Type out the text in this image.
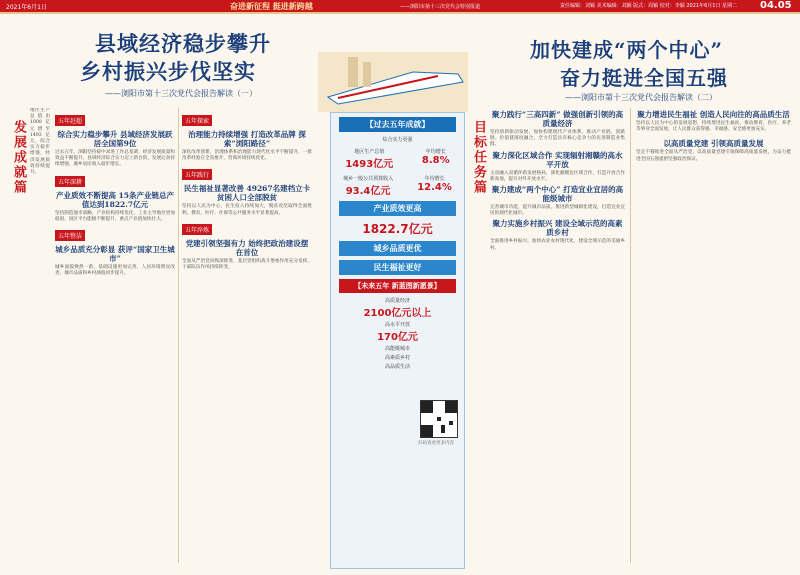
2021年6月1日	奋进新征程 挺进新跨越	——浏阳市第十三次党代会特别报道	责任编辑：刘颖 美术编辑：刘颖 版式：周颖 校对：李颖 2021年6月1日 星期二 04.05
县域经济稳步攀升
乡村振兴步伐坚实
——浏阳市第十三次党代会报告解读（一）
发展成就篇
地区生产总值由1000亿元增至1493亿元，综合实力稳步增强，经济发展质效持续提升。
五年赶超
综合实力稳步攀升 县域经济发展跃居全国第9位
过去五年，浏阳坚持稳中求进工作总基调，经济发展质量和效益不断提升，县域经济综合实力迈上新台阶，发展后劲持续增强，城乡居民收入稳步增长。
五年深耕
产业质效不断提高 15条产业链总产值达到1822.7亿元
坚持制造强市战略，产业结构持续优化，工业主导地位更加稳固，园区平台能级不断提升，重点产业链加快壮大。
五年整洁
城乡品质充分彰显 获评“国家卫生城市”
城乡面貌焕然一新，基础设施更加完善，人居环境明显改善，城市品质和乡村颜值同步提升。
五年探索
治理能力持续增强 打造改革品牌 探索“浏阳路径”
深化改革创新，治理体系和治理能力现代化水平不断提升，一批改革经验在全省推介，营商环境持续优化。
五年践行
民生福祉显著改善 49267名建档立卡贫困人口全部脱贫
坚持以人民为中心，民生投入持续加大，脱贫攻坚取得全面胜利，教育、医疗、社保等公共服务水平显著提高。
五年淬炼
党建引领坚强有力 始终把政治建设摆在首位
全面从严治党向纵深推进，基层党组织战斗堡垒作用充分发挥，干部队伍作风持续转变。
【过去五年成就】
综合实力更强
地区生产总值
1493亿元
年均增长
8.8%
城乡一般公共预算收入
93.4亿元
年均增长
12.4%
产业质效更高
1822.7亿元
城乡品质更优
民生福祉更好
【未来五年 新蓝图新愿景】
高质量经济
2100亿元以上
高水平开放
170亿元
高能级城市
高素质乡村
高品质生活
扫码查看更多内容
加快建成“两个中心”
奋力挺进全国五强
——浏阳市第十三次党代会报告解读（二）
目标任务篇
聚力践行“三高四新” 做强创新引领的高质量经济
坚持创新驱动发展，加快构建现代产业体系，推动产业链、创新链、价值链深度融合，全力打造具有核心竞争力的先进制造业集群。
聚力深化区域合作 实现辐射湘赣的高水平开放
主动融入双循环新发展格局，深化湘赣边区域合作，打造开放合作新高地，提升对外开放水平。
聚力建成“两个中心” 打造宜业宜居的高能级城市
完善城市功能，提升城市品质，推进新型城镇化建设，打造宜业宜居的现代化城市。
聚力实施乡村振兴 建设全域示范的高素质乡村
全面推进乡村振兴，加快农业农村现代化，建设全域示范的美丽乡村。
聚力增进民生福祉 创造人民向往的高品质生活
坚持以人民为中心的发展思想，持续增进民生福祉，推动教育、医疗、养老等事业全面发展，让人民群众获得感、幸福感、安全感更加充实。
以高质量党建 引领高质量发展
坚定不移推进全面从严治党，以高质量党建引领保障高质量发展，为奋力挺进全国五强提供坚强政治保证。
